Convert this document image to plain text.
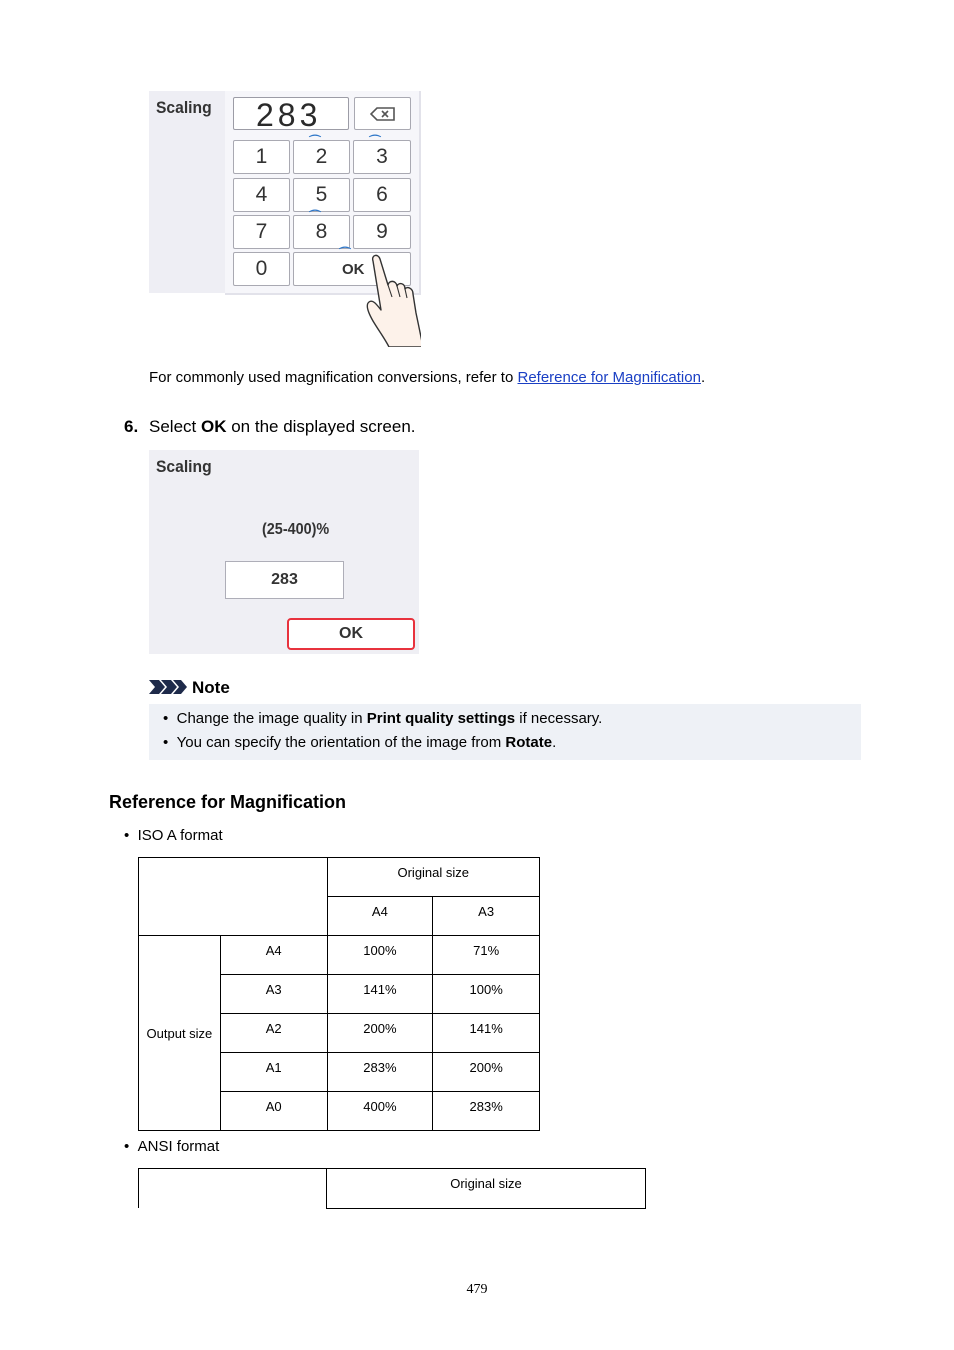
Scaling 283
1	2	3
4	5	6
7	8	9
0	OK
⌒	⌒
⌒
⌒
For commonly used magnification conversions, refer to Reference for Magnification.
6. Select OK on the displayed screen.
Scaling
(25-400)%
283
OK
Note
• Change the image quality in Print quality settings if necessary.
• You can specify the orientation of the image from Rotate.
Reference for Magnification
• ISO A format
		Original size	
		A4	A3
Output size	A4	100%	71%
	A3	141%	100%
	A2	200%	141%
	A1	283%	200%
	A0	400%	283%
• ANSI format
Original size
479
